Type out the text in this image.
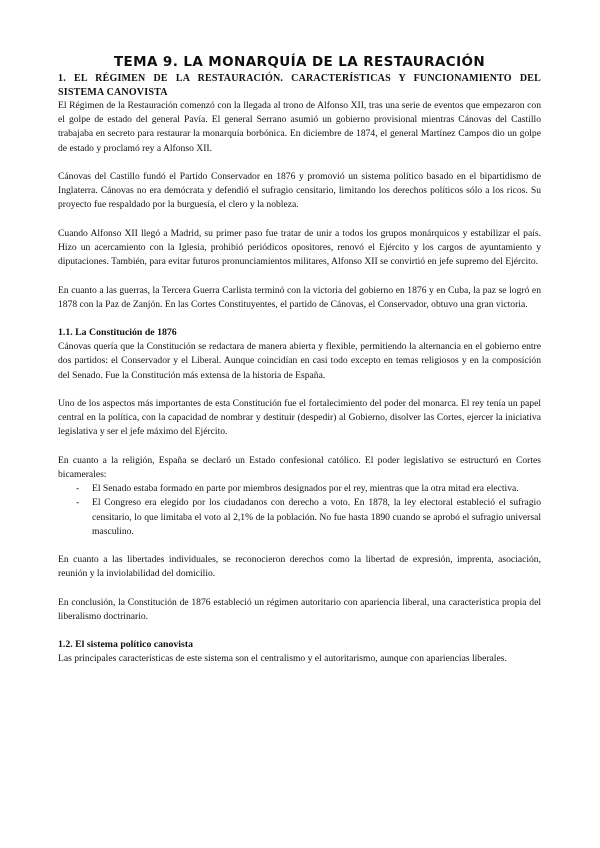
TEMA 9. LA MONARQUÍA DE LA RESTAURACIÓN
1. EL RÉGIMEN DE LA RESTAURACIÓN. CARACTERÍSTICAS Y FUNCIONAMIENTO DEL SISTEMA CANOVISTA

El Régimen de la Restauración comenzó con la llegada al trono de Alfonso XII, tras una serie de eventos que empezaron con el golpe de estado del general Pavía. El general Serrano asumió un gobierno provisional mientras Cánovas del Castillo trabajaba en secreto para restaurar la monarquía borbónica. En diciembre de 1874, el general Martínez Campos dio un golpe de estado y proclamó rey a Alfonso XII.

Cánovas del Castillo fundó el Partido Conservador en 1876 y promovió un sistema político basado en el bipartidismo de Inglaterra. Cánovas no era demócrata y defendió el sufragio censitario, limitando los derechos políticos sólo a los ricos. Su proyecto fue respaldado por la burguesía, el clero y la nobleza.

Cuando Alfonso XII llegó a Madrid, su primer paso fue tratar de unir a todos los grupos monárquicos y estabilizar el país. Hizo un acercamiento con la Iglesia, prohibió periódicos opositores, renovó el Ejército y los cargos de ayuntamiento y diputaciones. También, para evitar futuros pronunciamientos militares, Alfonso XII se convirtió en jefe supremo del Ejército.

En cuanto a las guerras, la Tercera Guerra Carlista terminó con la victoria del gobierno en 1876 y en Cuba, la paz se logró en 1878 con la Paz de Zanjón. En las Cortes Constituyentes, el partido de Cánovas, el Conservador, obtuvo una gran victoria.

1.1. La Constitución de 1876

Cánovas quería que la Constitución se redactara de manera abierta y flexible, permitiendo la alternancia en el gobierno entre dos partidos: el Conservador y el Liberal. Aunque coincidían en casi todo excepto en temas religiosos y en la composición del Senado. Fue la Constitución más extensa de la historia de España.

Uno de los aspectos más importantes de esta Constitución fue el fortalecimiento del poder del monarca. El rey tenía un papel central en la política, con la capacidad de nombrar y destituir (despedir) al Gobierno, disolver las Cortes, ejercer la iniciativa legislativa y ser el jefe máximo del Ejército.

En cuanto a la religión, España se declaró un Estado confesional católico. El poder legislativo se estructuró en Cortes bicamerales:

- El Senado estaba formado en parte por miembros designados por el rey, mientras que la otra mitad era electiva.
- El Congreso era elegido por los ciudadanos con derecho a voto. En 1878, la ley electoral estableció el sufragio censitario, lo que limitaba el voto al 2,1% de la población. No fue hasta 1890 cuando se aprobó el sufragio universal masculino.

En cuanto a las libertades individuales, se reconocieron derechos como la libertad de expresión, imprenta, asociación, reunión y la inviolabilidad del domicilio.

En conclusión, la Constitución de 1876 estableció un régimen autoritario con apariencia liberal, una característica propia del liberalismo doctrinario.

1.2. El sistema político canovista

Las principales características de este sistema son el centralismo y el autoritarismo, aunque con apariencias liberales.
